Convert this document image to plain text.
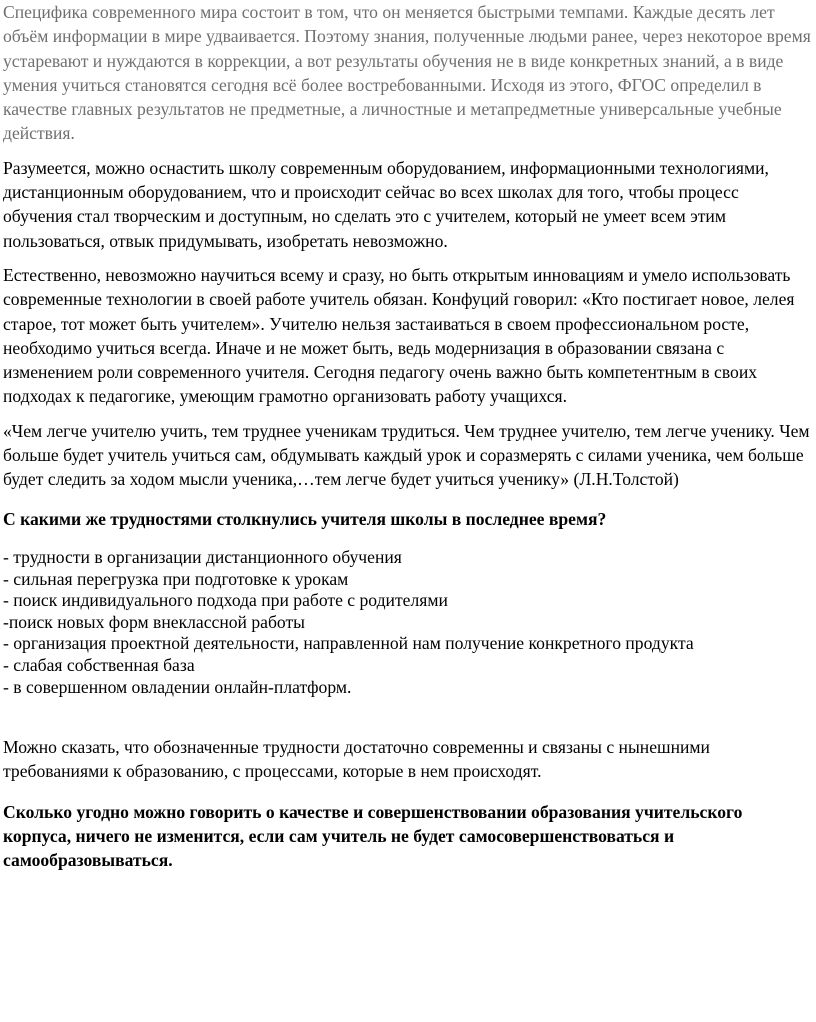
Специфика современного мира состоит в том, что он меняется быстрыми темпами. Каждые десять лет объём информации в мире удваивается. Поэтому знания, полученные людьми ранее, через некоторое время устаревают и нуждаются в коррекции, а вот результаты обучения не в виде конкретных знаний, а в виде умения учиться становятся сегодня всё более востребованными. Исходя из этого, ФГОС определил в качестве главных результатов не предметные, а личностные и метапредметные универсальные учебные действия.

Разумеется, можно оснастить школу современным оборудованием, информационными технологиями, дистанционным оборудованием, что и происходит сейчас во всех школах для того, чтобы процесс обучения стал творческим и доступным, но сделать это с учителем, который не умеет всем этим пользоваться, отвык придумывать, изобретать невозможно.

Естественно, невозможно научиться всему и сразу, но быть открытым инновациям и умело использовать современные технологии в своей работе учитель обязан. Конфуций говорил: «Кто постигает новое, лелея старое, тот может быть учителем». Учителю нельзя застаиваться в своем профессиональном росте, необходимо учиться всегда. Иначе и не может быть, ведь модернизация в образовании связана с изменением роли современного учителя. Сегодня педагогу очень важно быть компетентным в своих подходах к педагогике, умеющим грамотно организовать работу учащихся.

«Чем легче учителю учить, тем труднее ученикам трудиться. Чем труднее учителю, тем легче ученику. Чем больше будет учитель учиться сам, обдумывать каждый урок и соразмерять с силами ученика, чем больше будет следить за ходом мысли ученика,…тем легче будет учиться ученику» (Л.Н.Толстой)

С какими же трудностями столкнулись учителя школы в последнее время?

- трудности в организации дистанционного обучения
- сильная перегрузка при подготовке к урокам
- поиск индивидуального подхода при работе с родителями
-поиск новых форм внеклассной работы
- организация проектной деятельности, направленной нам получение конкретного продукта
- слабая собственная база
- в совершенном овладении онлайн-платформ.

Можно сказать, что обозначенные трудности достаточно современны и связаны с нынешними требованиями к образованию, с процессами, которые в нем происходят.

Сколько угодно можно говорить о качестве и совершенствовании образования учительского корпуса, ничего не изменится, если сам учитель не будет самосовершенствоваться и самообразовываться.
